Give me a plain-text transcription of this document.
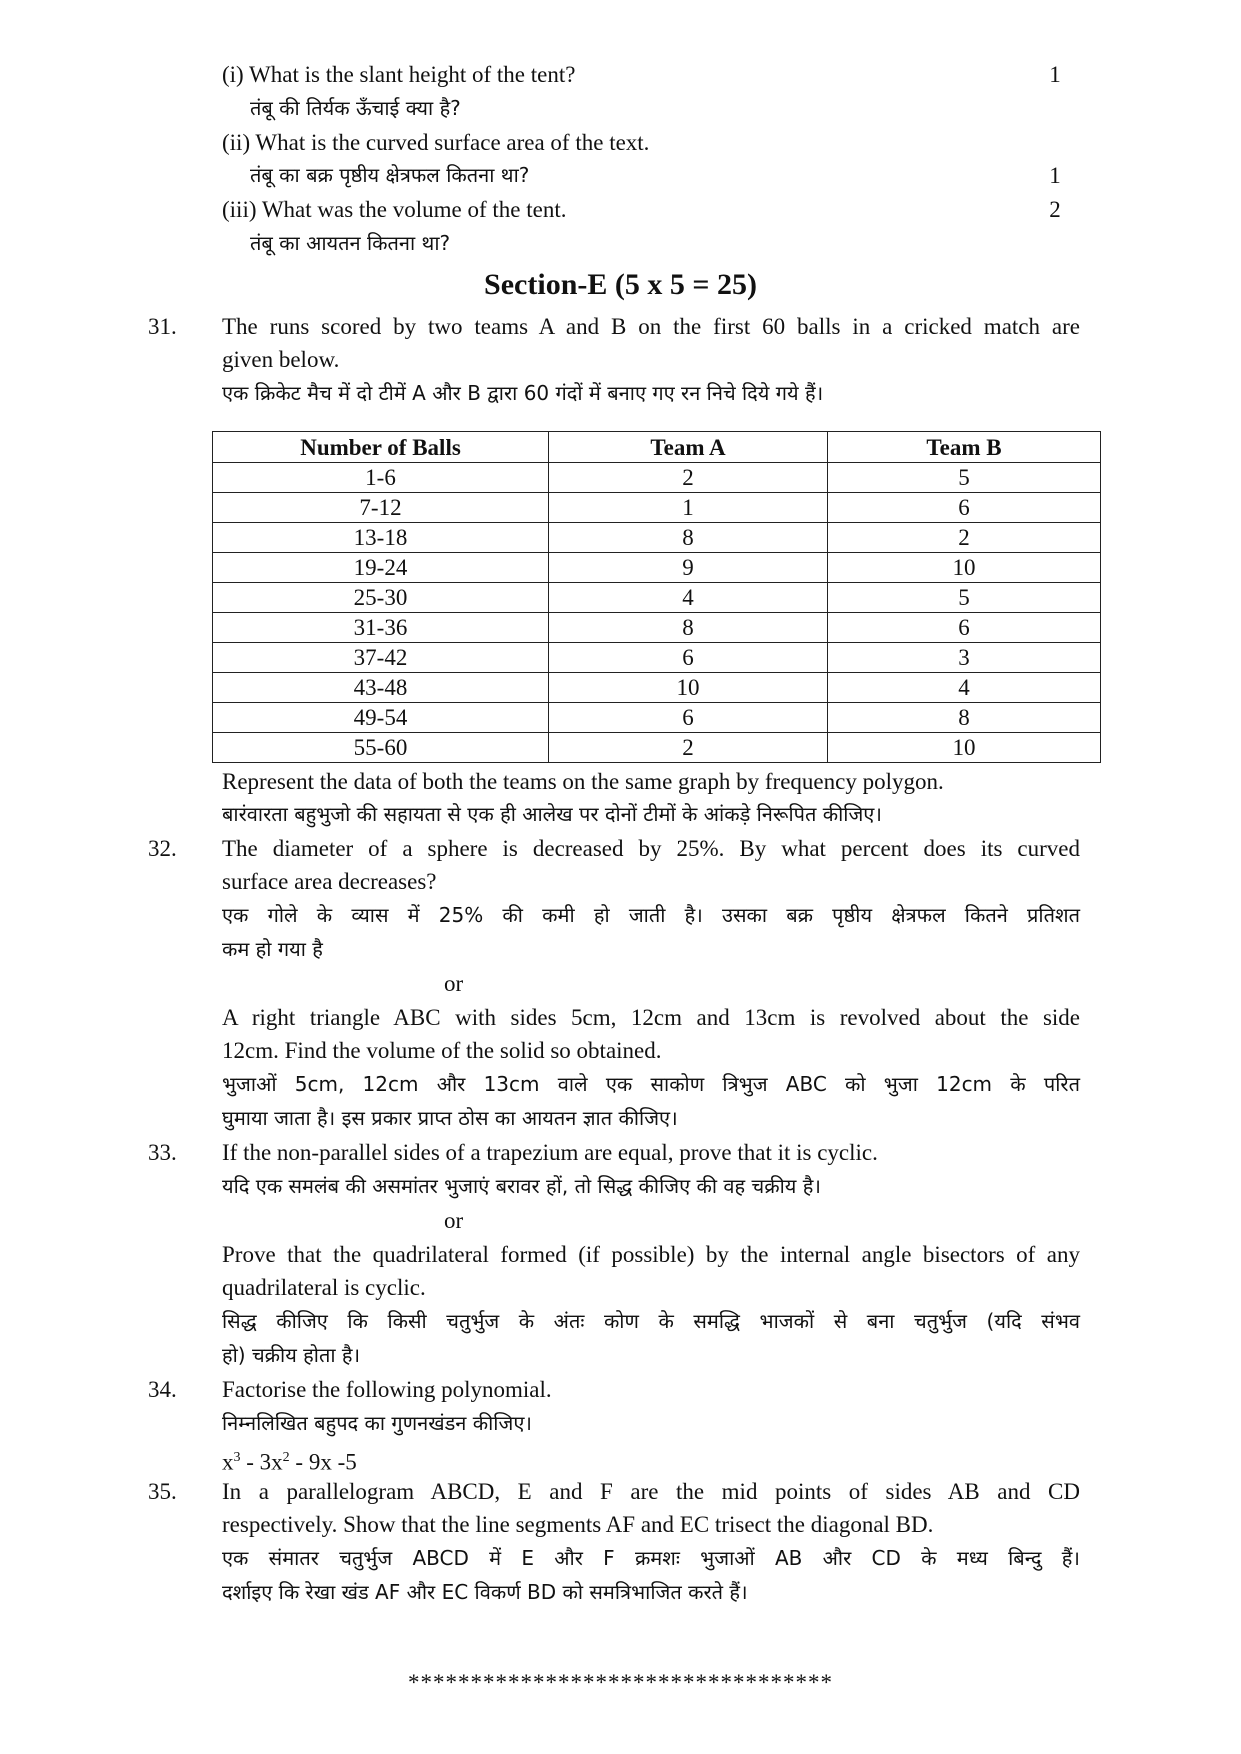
(i) What is the slant height of the tent?	1
तंबू की तिर्यक ऊँचाई क्या है?
(ii) What is the curved surface area of the text.
तंबू का बक्र पृष्ठीय क्षेत्रफल कितना था?	1
(iii) What was the volume of the tent.	2
तंबू का आयतन कितना था?
Section-E (5 x 5 = 25)
31. The runs scored by two teams A and B on the first 60 balls in a cricked match are
given below.
एक क्रिकेट मैच में दो टीमें A और B द्वारा 60 गंदों में बनाए गए रन निचे दिये गये हैं।
Number of Balls	Team A	Team B
1-6	2	5
7-12	1	6
13-18	8	2
19-24	9	10
25-30	4	5
31-36	8	6
37-42	6	3
43-48	10	4
49-54	6	8
55-60	2	10
Represent the data of both the teams on the same graph by frequency polygon.
बारंवारता बहुभुजो की सहायता से एक ही आलेख पर दोनों टीमों के आंकड़े निरूपित कीजिए।
32. The diameter of a sphere is decreased by 25%. By what percent does its curved
surface area decreases?
एक गोले के व्यास में 25% की कमी हो जाती है। उसका बक्र पृष्ठीय क्षेत्रफल कितने प्रतिशत
कम हो गया है
or
A right triangle ABC with sides 5cm, 12cm and 13cm is revolved about the side
12cm. Find the volume of the solid so obtained.
भुजाओं 5cm, 12cm और 13cm वाले एक साकोण त्रिभुज ABC को भुजा 12cm के परित
घुमाया जाता है। इस प्रकार प्राप्त ठोस का आयतन ज्ञात कीजिए।
33. If the non-parallel sides of a trapezium are equal, prove that it is cyclic.
यदि एक समलंब की असमांतर भुजाएं बरावर हों, तो सिद्ध कीजिए की वह चक्रीय है।
or
Prove that the quadrilateral formed (if possible) by the internal angle bisectors of any
quadrilateral is cyclic.
सिद्ध कीजिए कि किसी चतुर्भुज के अंतः कोण के समद्धि भाजकों से बना चतुर्भुज (यदि संभव
हो) चक्रीय होता है।
34. Factorise the following polynomial.
निम्नलिखित बहुपद का गुणनखंडन कीजिए।
$x^3 - 3x^2 - 9x$ -5
35. In a parallelogram ABCD, E and F are the mid points of sides AB and CD
respectively. Show that the line segments AF and EC trisect the diagonal BD.
एक संमातर चतुर्भुज ABCD में E और F क्रमशः भुजाओं AB और CD के मध्य बिन्दु हैं।
दर्शाइए कि रेखा खंड AF और EC विकर्ण BD को समत्रिभाजित करते हैं।
**********************************
